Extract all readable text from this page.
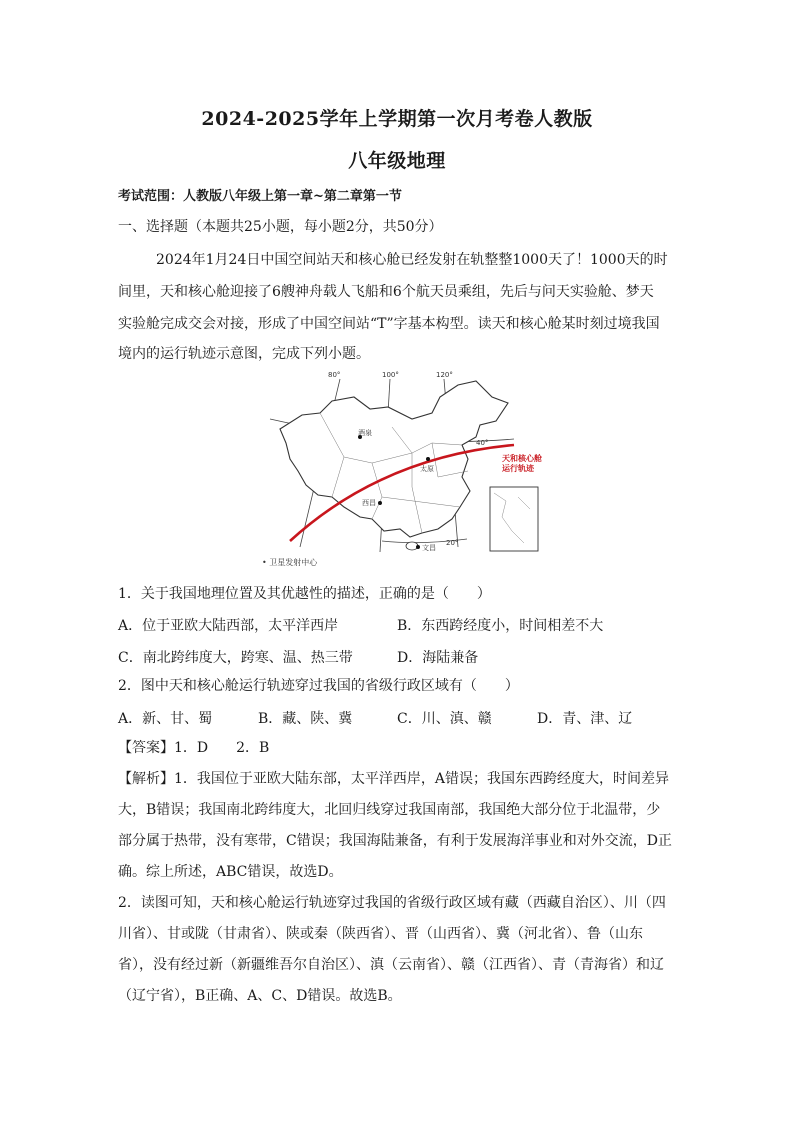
2024-2025学年上学期第一次月考卷人教版
八年级地理
考试范围：人教版八年级上第一章~第二章第一节
一、选择题（本题共25小题，每小题2分，共50分）
2024年1月24日中国空间站天和核心舱已经发射在轨整整1000天了！1000天的时
间里，天和核心舱迎接了6艘神舟载人飞船和6个航天员乘组，先后与问天实验舱、梦天
实验舱完成交会对接，形成了中国空间站“T”字基本构型。读天和核心舱某时刻过境我国
境内的运行轨迹示意图，完成下列小题。
80°	100°	120°
40°
20°
酒泉
太原
西昌
文昌
天和核心舱
运行轨迹
• 卫星发射中心
1．关于我国地理位置及其优越性的描述，正确的是（　　）
A．位于亚欧大陆西部，太平洋西岸	B．东西跨经度小，时间相差不大
C．南北跨纬度大，跨寒、温、热三带	D．海陆兼备
2．图中天和核心舱运行轨迹穿过我国的省级行政区域有（　　）
A．新、甘、蜀	B．藏、陕、冀	C．川、滇、赣	D．青、津、辽
【答案】1．D　　2．B
【解析】1．我国位于亚欧大陆东部，太平洋西岸，A错误；我国东西跨经度大，时间差异
大，B错误；我国南北跨纬度大，北回归线穿过我国南部，我国绝大部分位于北温带，少
部分属于热带，没有寒带，C错误；我国海陆兼备，有利于发展海洋事业和对外交流，D正
确。综上所述，ABC错误，故选D。
2．读图可知，天和核心舱运行轨迹穿过我国的省级行政区域有藏（西藏自治区）、川（四
川省）、甘或陇（甘肃省）、陕或秦（陕西省）、晋（山西省）、冀（河北省）、鲁（山东
省），没有经过新（新疆维吾尔自治区）、滇（云南省）、赣（江西省）、青（青海省）和辽
（辽宁省），B正确、A、C、D错误。故选B。
